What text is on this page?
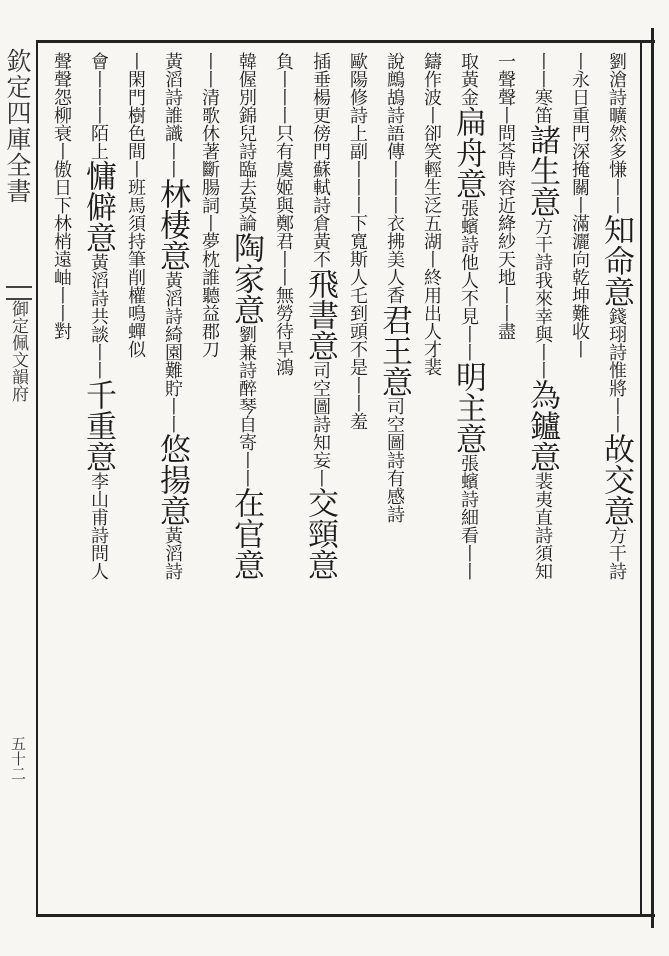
欽定四庫全書
御定佩文韻府
五十二
劉滄詩曠然多慊丨丨知命意錢珝詩惟將丨丨故交意方干詩
丨永日重門深掩關丨滿灑向乾坤難收丨
丨丨寒笛諸生意方干詩我來幸與丨丨為鑪意裴夷直詩須知
一聲聲丨問荅時容近絳紗天地丨丨盡
取黃金扁舟意張蠙詩他人不見丨丨明主意張蠙詩細看丨丨
鑄作波丨卻笑輕生泛五湖丨終用出人才裴
說鷓鴣詩語傳丨丨丨衣拂美人香君王意司空圖詩有感詩
歐陽修詩上副丨丨丨下寬斯人乇到頭不是丨丨羞
插垂楊更傍門蘇軾詩倉黃不飛書意司空圖詩知妄丨交頸意
負丨丨丨只有虞姬與鄭君丨丨無勞待早鴻
韓偓別錦兒詩臨去莫論陶家意劉兼詩醉琴自寄丨丨在官意
丨丨清歌休著斷腸詞丨夢枕誰聽益郡刀
黃滔詩誰識丨丨林棲意黃滔詩綺園難貯丨丨悠揚意黃滔詩
丨閑門樹色間丨班馬須持筆削權鳴蟬似
會丨丨丨陌上慵僻意黃滔詩共談丨丨千重意李山甫詩問人
聲聲怨柳衰丨傲日下林梢遠岫丨丨對
